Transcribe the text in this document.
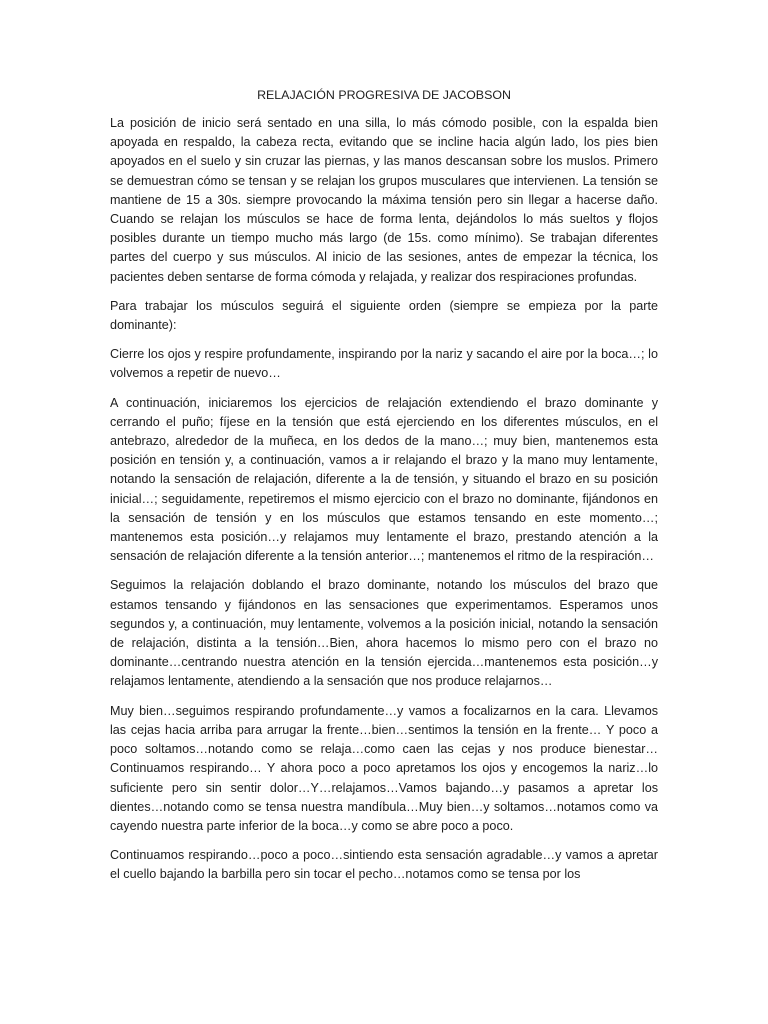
RELAJACIÓN PROGRESIVA DE JACOBSON
La posición de inicio será sentado en una silla, lo más cómodo posible, con la espalda bien apoyada en respaldo, la cabeza recta, evitando que se incline hacia algún lado, los pies bien apoyados en el suelo y sin cruzar las piernas, y las manos descansan sobre los muslos. Primero se demuestran cómo se tensan y se relajan los grupos musculares que intervienen. La tensión se mantiene de 15 a 30s. siempre provocando la máxima tensión pero sin llegar a hacerse daño. Cuando se relajan los músculos se hace de forma lenta, dejándolos lo más sueltos y flojos posibles durante un tiempo mucho más largo (de 15s. como mínimo). Se trabajan diferentes partes del cuerpo y sus músculos. Al inicio de las sesiones, antes de empezar la técnica, los pacientes deben sentarse de forma cómoda y relajada, y realizar dos respiraciones profundas.
Para trabajar los músculos seguirá el siguiente orden (siempre se empieza por la parte dominante):
Cierre los ojos y respire profundamente, inspirando por la nariz y sacando el aire por la boca…; lo volvemos a repetir de nuevo…
A continuación, iniciaremos los ejercicios de relajación extendiendo el brazo dominante y cerrando el puño; fíjese en la tensión que está ejerciendo en los diferentes músculos, en el antebrazo, alrededor de la muñeca, en los dedos de la mano…; muy bien, mantenemos esta posición en tensión y, a continuación, vamos a ir relajando el brazo y la mano muy lentamente, notando la sensación de relajación, diferente a la de tensión, y situando el brazo en su posición inicial…; seguidamente, repetiremos el mismo ejercicio con el brazo no dominante, fijándonos en la sensación de tensión y en los músculos que estamos tensando en este momento…; mantenemos esta posición…y relajamos muy lentamente el brazo, prestando atención a la sensación de relajación diferente a la tensión anterior…; mantenemos el ritmo de la respiración…
Seguimos la relajación doblando el brazo dominante, notando los músculos del brazo que estamos tensando y fijándonos en las sensaciones que experimentamos. Esperamos unos segundos y, a continuación, muy lentamente, volvemos a la posición inicial, notando la sensación de relajación, distinta a la tensión…Bien, ahora hacemos lo mismo pero con el brazo no dominante…centrando nuestra atención en la tensión ejercida…mantenemos esta posición…y relajamos lentamente, atendiendo a la sensación que nos produce relajarnos…
Muy bien…seguimos respirando profundamente…y vamos a focalizarnos en la cara. Llevamos las cejas hacia arriba para arrugar la frente…bien…sentimos la tensión en la frente… Y poco a poco soltamos…notando como se relaja…como caen las cejas y nos produce bienestar…Continuamos respirando… Y ahora poco a poco apretamos los ojos y encogemos la nariz…lo suficiente pero sin sentir dolor…Y…relajamos…Vamos bajando…y pasamos a apretar los dientes…notando como se tensa nuestra mandíbula…Muy bien…y soltamos…notamos como va cayendo nuestra parte inferior de la boca…y como se abre poco a poco.
Continuamos respirando…poco a poco…sintiendo esta sensación agradable…y vamos a apretar el cuello bajando la barbilla pero sin tocar el pecho…notamos como se tensa por los
